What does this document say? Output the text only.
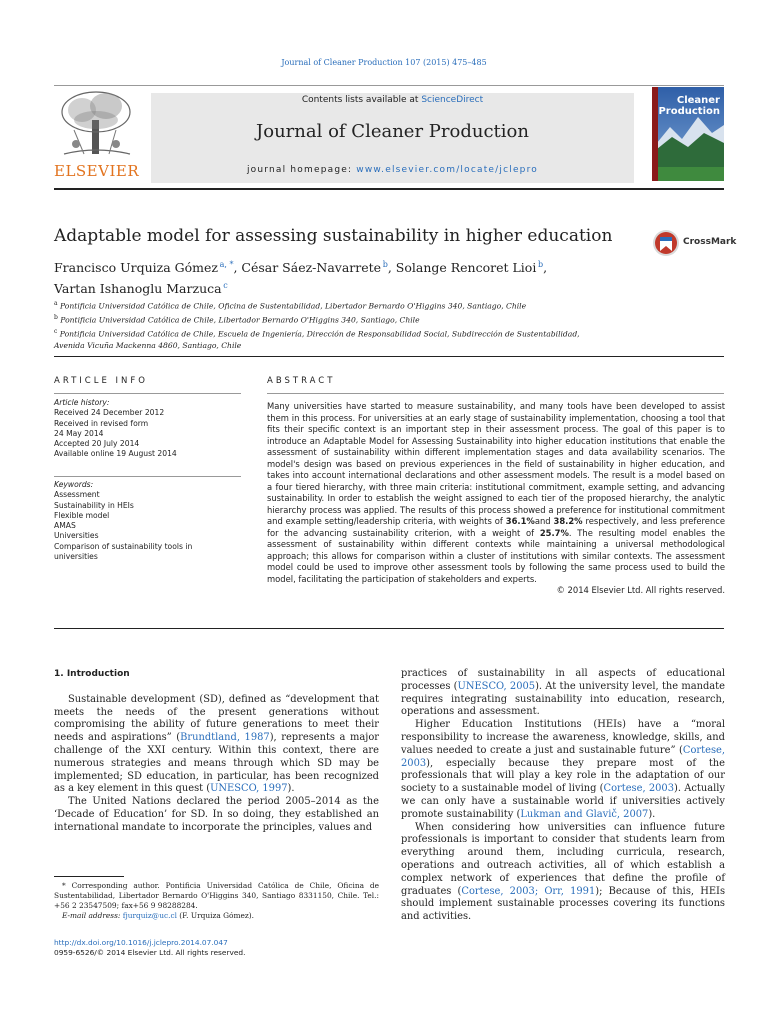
Journal of Cleaner Production 107 (2015) 475–485
ELSEVIER
Contents lists available at ScienceDirect
Journal of Cleaner Production
journal homepage: www.elsevier.com/locate/jclepro
Cleaner
Production
Adaptable model for assessing sustainability in higher education	CrossMark
Francisco Urquiza Gómez  $^{a, *}$, César Sáez-Navarrete  $^b$, Solange Rencoret Lioi  $^b$,
Vartan Ishanoglu Marzuca  $^c$
$^a$ Pontificia Universidad Católica de Chile, Oficina de Sustentabilidad, Libertador Bernardo O'Higgins 340, Santiago, Chile
$^b$ Pontificia Universidad Católica de Chile, Libertador Bernardo O'Higgins 340, Santiago, Chile
$^c$ Pontificia Universidad Católica de Chile, Escuela de Ingeniería, Dirección de Responsabilidad Social, Subdirección de Sustentabilidad,
Avenida Vicuña Mackenna 4860, Santiago, Chile
ARTICLE INFO	ABSTRACT
Article history:
Received 24 December 2012
Received in revised form
24 May 2014
Accepted 20 July 2014
Available online 19 August 2014
Keywords:
Assessment
Sustainability in HEIs
Flexible model
AMAS
Universities
Comparison of sustainability tools in
universities
Many universities have started to measure sustainability, and many tools have been developed to assist them in this process. For universities at an early stage of sustainability implementation, choosing a tool that fits their specific context is an important step in their assessment process. The goal of this paper is to introduce an Adaptable Model for Assessing Sustainability into higher education institutions that enable the assessment of sustainability within different implementation stages and data availability scenarios. The model's design was based on previous experiences in the field of sustainability in higher education, and takes into account international declarations and other assessment models. The result is a model based on a four tiered hierarchy, with three main criteria: institutional commitment, example setting, and advancing sustainability. In order to establish the weight assigned to each tier of the proposed hierarchy, the analytic hierarchy process was applied. The results of this process showed a preference for institutional commitment and example setting/leadership criteria, with weights of 36.1%and 38.2% respectively, and less preference for the advancing sustainability criterion, with a weight of 25.7%. The resulting model enables the assessment of sustainability within different contexts while maintaining a universal methodological approach; this allows for comparison within a cluster of institutions with similar contexts. The assessment model could be used to improve other assessment tools by following the same process used to build the model, facilitating the participation of stakeholders and experts.
© 2014 Elsevier Ltd. All rights reserved.
1. Introduction

Sustainable development (SD), defined as “development that meets the needs of the present generations without compromising the ability of future generations to meet their needs and aspirations” (Brundtland, 1987), represents a major challenge of the XXI century. Within this context, there are numerous strategies and means through which SD may be implemented; SD education, in particular, has been recognized as a key element in this quest (UNESCO, 1997).

The United Nations declared the period 2005–2014 as the ‘Decade of Education’ for SD. In so doing, they established an international mandate to incorporate the principles, values and

practices of sustainability in all aspects of educational processes (UNESCO, 2005). At the university level, the mandate requires integrating sustainability into education, research, operations and assessment.

Higher Education Institutions (HEIs) have a “moral responsibility to increase the awareness, knowledge, skills, and values needed to create a just and sustainable future” (Cortese, 2003), especially because they prepare most of the professionals that will play a key role in the adaptation of our society to a sustainable model of living (Cortese, 2003). Actually we can only have a sustainable world if universities actively promote sustainability (Lukman and Glavič, 2007).

When considering how universities can influence future professionals is important to consider that students learn from everything around them, including curricula, research, operations and outreach activities, all of which establish a complex network of experiences that define the profile of graduates (Cortese, 2003; Orr, 1991); Because of this, HEIs should implement sustainable processes covering its functions and activities.

* Corresponding author. Pontificia Universidad Católica de Chile, Oficina de Sustentabilidad, Libertador Bernardo O'Higgins 340, Santiago 8331150, Chile. Tel.: +56 2 23547509; fax+56 9 98288284.

E-mail address: fjurquiz@uc.cl (F. Urquiza Gómez).

http://dx.doi.org/10.1016/j.jclepro.2014.07.047
0959-6526/© 2014 Elsevier Ltd. All rights reserved.
